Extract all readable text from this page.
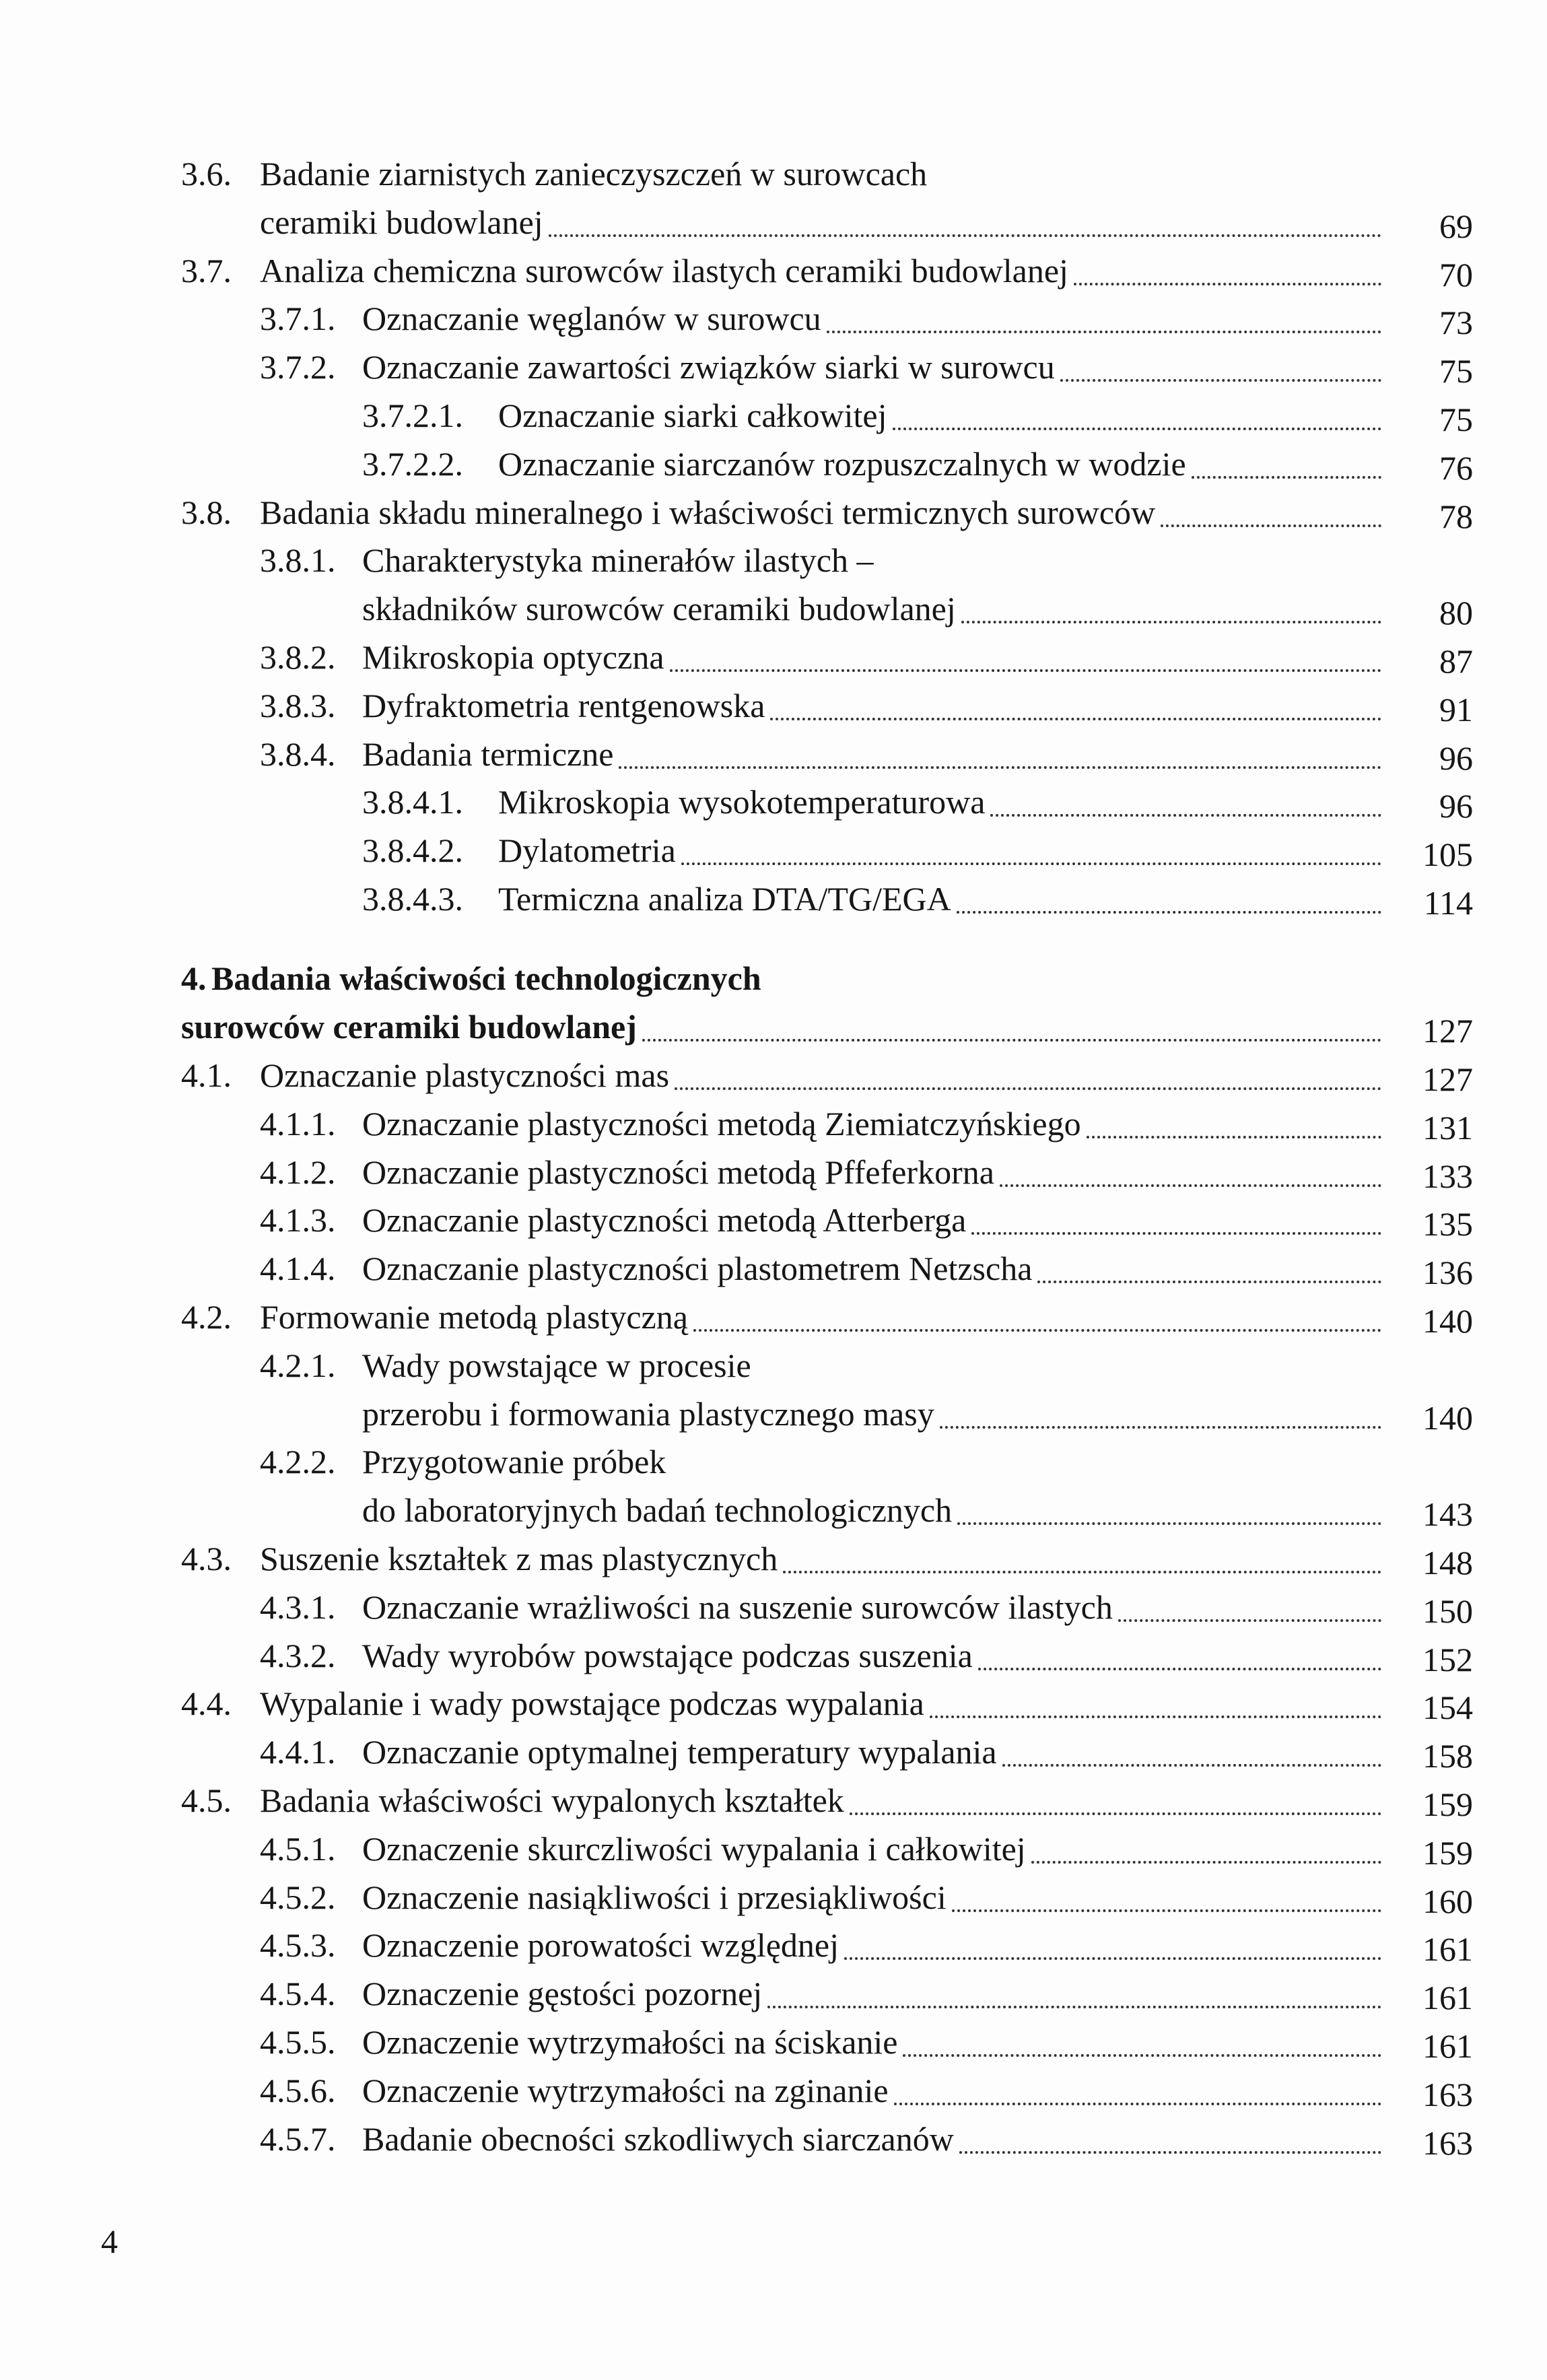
3.6. Badanie ziarnistych zanieczyszczeń w surowcach
ceramiki budowlanej	69
3.7. Analiza chemiczna surowców ilastych ceramiki budowlanej	70
3.7.1. Oznaczanie węglanów w surowcu	73
3.7.2. Oznaczanie zawartości związków siarki w surowcu	75
3.7.2.1. Oznaczanie siarki całkowitej	75
3.7.2.2. Oznaczanie siarczanów rozpuszczalnych w wodzie	76
3.8. Badania składu mineralnego i właściwości termicznych surowców	78
3.8.1. Charakterystyka minerałów ilastych –
składników surowców ceramiki budowlanej	80
3.8.2. Mikroskopia optyczna	87
3.8.3. Dyfraktometria rentgenowska	91
3.8.4. Badania termiczne	96
3.8.4.1. Mikroskopia wysokotemperaturowa	96
3.8.4.2. Dylatometria	105
3.8.4.3. Termiczna analiza DTA/TG/EGA	114
4. Badania właściwości technologicznych
surowców ceramiki budowlanej	127
4.1. Oznaczanie plastyczności mas	127
4.1.1. Oznaczanie plastyczności metodą Ziemiatczyńskiego	131
4.1.2. Oznaczanie plastyczności metodą Pffeferkorna	133
4.1.3. Oznaczanie plastyczności metodą Atterberga	135
4.1.4. Oznaczanie plastyczności plastometrem Netzscha	136
4.2. Formowanie metodą plastyczną	140
4.2.1. Wady powstające w procesie
przerobu i formowania plastycznego masy	140
4.2.2. Przygotowanie próbek
do laboratoryjnych badań technologicznych	143
4.3. Suszenie kształtek z mas plastycznych	148
4.3.1. Oznaczanie wrażliwości na suszenie surowców ilastych	150
4.3.2. Wady wyrobów powstające podczas suszenia	152
4.4. Wypalanie i wady powstające podczas wypalania	154
4.4.1. Oznaczanie optymalnej temperatury wypalania	158
4.5. Badania właściwości wypalonych kształtek	159
4.5.1. Oznaczenie skurczliwości wypalania i całkowitej	159
4.5.2. Oznaczenie nasiąkliwości i przesiąkliwości	160
4.5.3. Oznaczenie porowatości względnej	161
4.5.4. Oznaczenie gęstości pozornej	161
4.5.5. Oznaczenie wytrzymałości na ściskanie	161
4.5.6. Oznaczenie wytrzymałości na zginanie	163
4.5.7. Badanie obecności szkodliwych siarczanów	163
4
